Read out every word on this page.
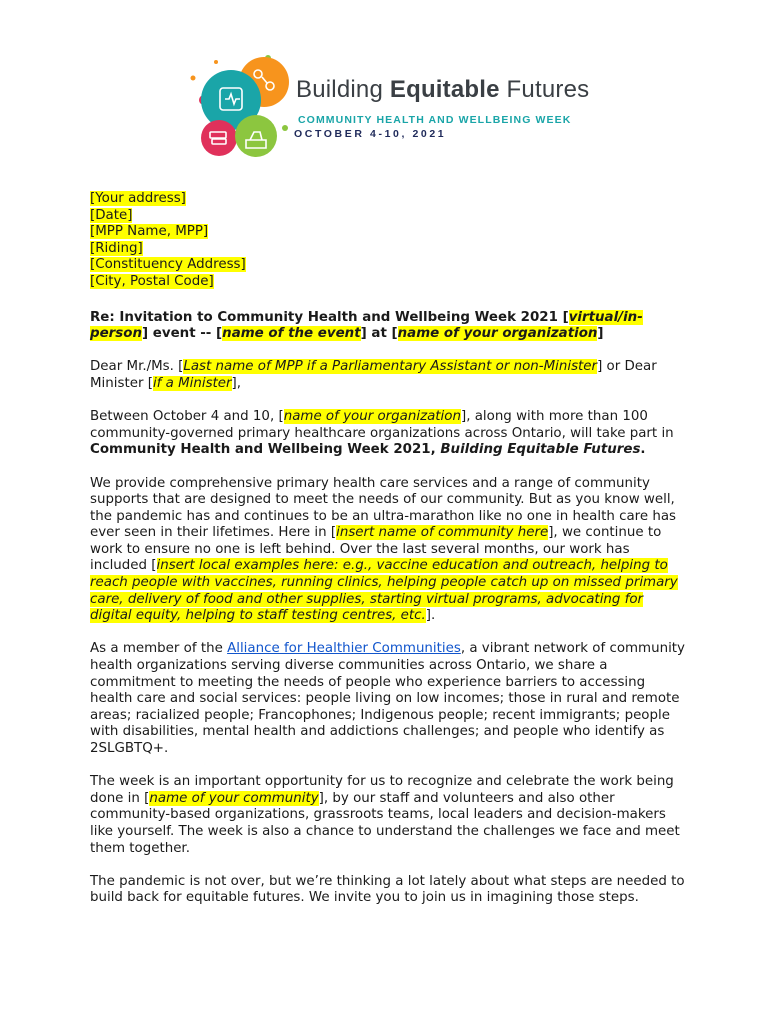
Building Equitable Futures
COMMUNITY HEALTH AND WELLBEING WEEK
OCTOBER 4-10, 2021
[Your address]
[Date]
[MPP Name, MPP]
[Riding]
[Constituency Address]
[City, Postal Code]

Re: Invitation to Community Health and Wellbeing Week 2021 [virtual/in-person] event -- [name of the event] at [name of your organization]

Dear Mr./Ms. [Last name of MPP if a Parliamentary Assistant or non-Minister] or Dear Minister [if a Minister],

Between October 4 and 10, [name of your organization], along with more than 100 community-governed primary healthcare organizations across Ontario, will take part in Community Health and Wellbeing Week 2021, Building Equitable Futures.

We provide comprehensive primary health care services and a range of community supports that are designed to meet the needs of our community. But as you know well, the pandemic has and continues to be an ultra-marathon like no one in health care has ever seen in their lifetimes. Here in [insert name of community here], we continue to work to ensure no one is left behind. Over the last several months, our work has included [insert local examples here: e.g., vaccine education and outreach, helping to reach people with vaccines, running clinics, helping people catch up on missed primary care, delivery of food and other supplies, starting virtual programs, advocating for digital equity, helping to staff testing centres, etc.].

As a member of the Alliance for Healthier Communities, a vibrant network of community health organizations serving diverse communities across Ontario, we share a commitment to meeting the needs of people who experience barriers to accessing health care and social services: people living on low incomes; those in rural and remote areas; racialized people; Francophones; Indigenous people; recent immigrants; people with disabilities, mental health and addictions challenges; and people who identify as 2SLGBTQ+.

The week is an important opportunity for us to recognize and celebrate the work being done in [name of your community], by our staff and volunteers and also other community-based organizations, grassroots teams, local leaders and decision-makers like yourself. The week is also a chance to understand the challenges we face and meet them together.

The pandemic is not over, but we’re thinking a lot lately about what steps are needed to build back for equitable futures. We invite you to join us in imagining those steps.
